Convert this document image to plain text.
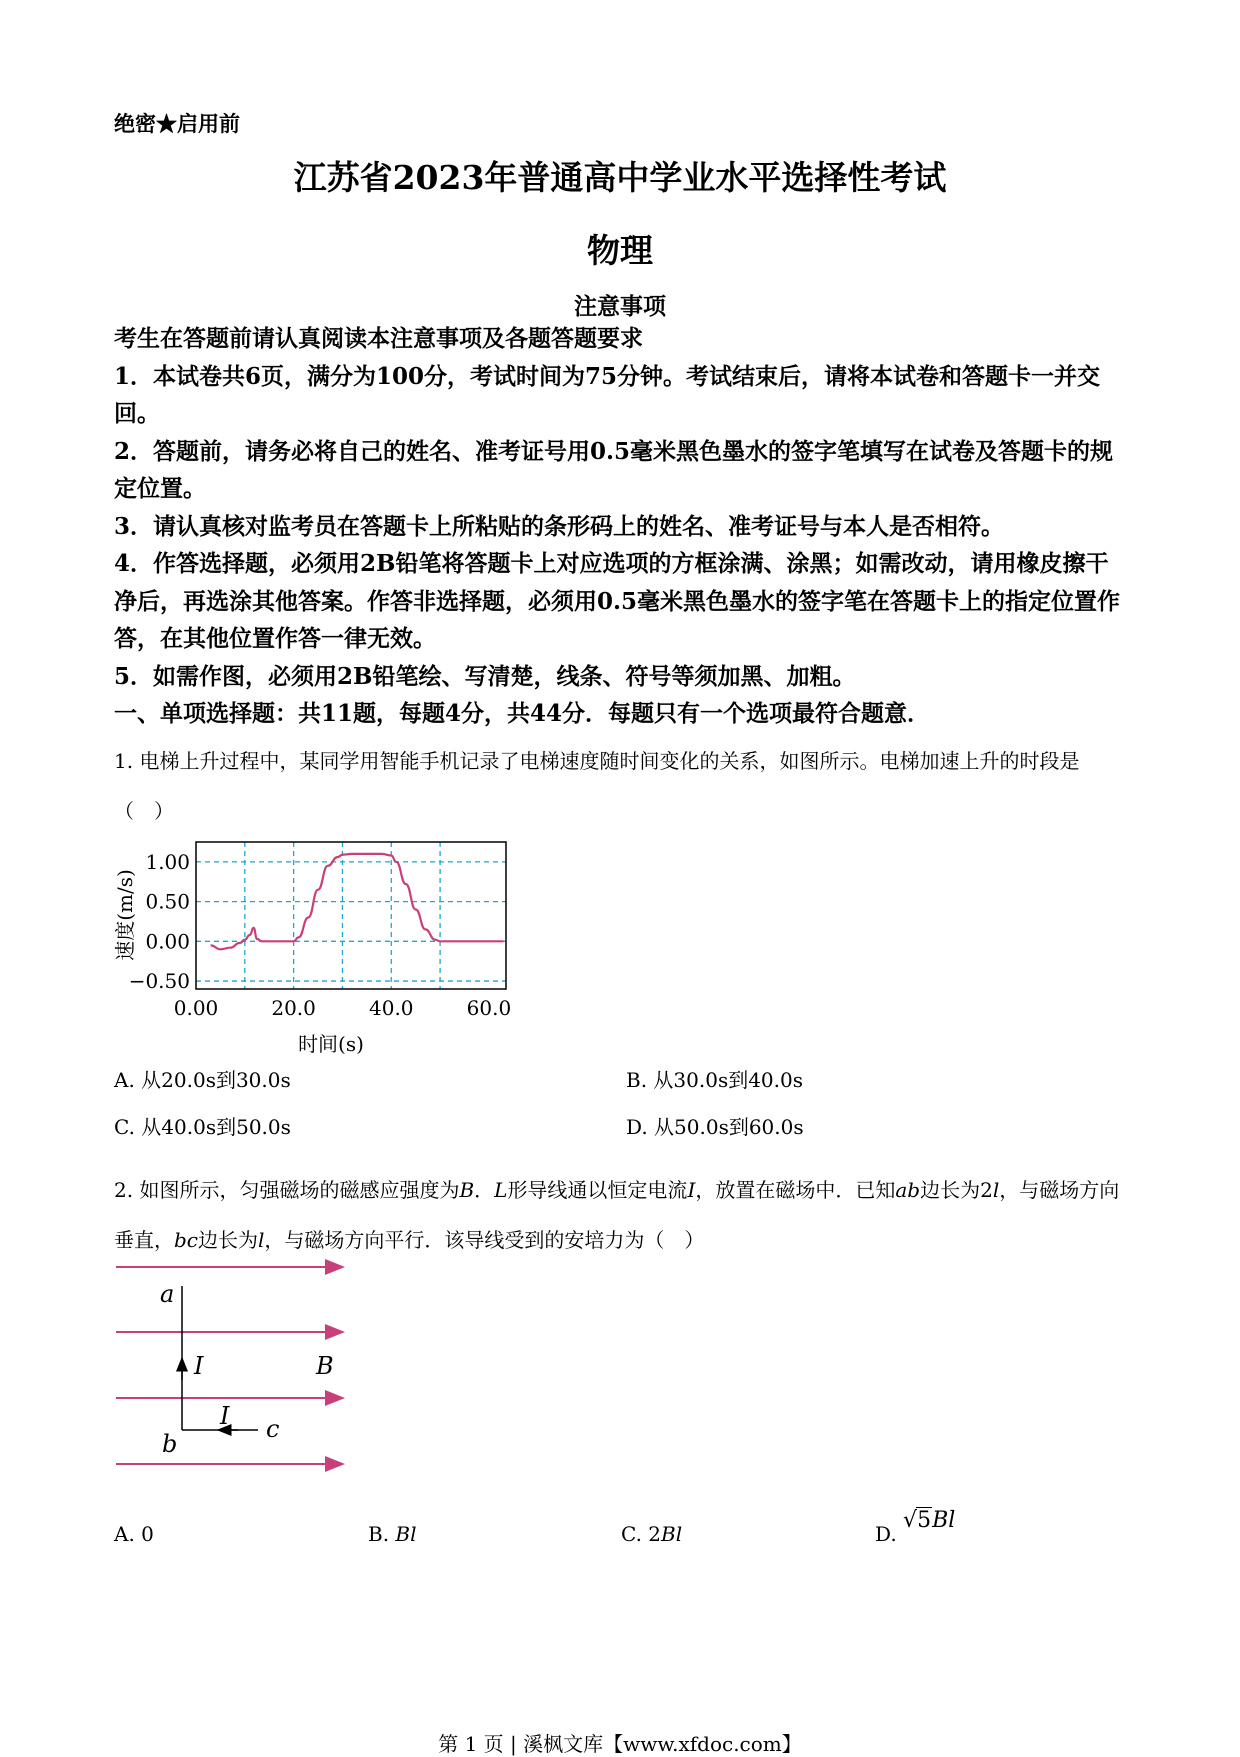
绝密★启用前
江苏省2023年普通高中学业水平选择性考试
物理
注意事项

考生在答题前请认真阅读本注意事项及各题答题要求

1．本试卷共6页，满分为100分，考试时间为75分钟。考试结束后，请将本试卷和答题卡一并交回。

2．答题前，请务必将自己的姓名、准考证号用0.5毫米黑色墨水的签字笔填写在试卷及答题卡的规定位置。

3．请认真核对监考员在答题卡上所粘贴的条形码上的姓名、准考证号与本人是否相符。

4．作答选择题，必须用2B铅笔将答题卡上对应选项的方框涂满、涂黑；如需改动，请用橡皮擦干净后，再选涂其他答案。作答非选择题，必须用0.5毫米黑色墨水的签字笔在答题卡上的指定位置作答，在其他位置作答一律无效。

5．如需作图，必须用2B铅笔绘、写清楚，线条、符号等须加黑、加粗。

一、单项选择题：共11题，每题4分，共44分．每题只有一个选项最符合题意．

1. 电梯上升过程中，某同学用智能手机记录了电梯速度随时间变化的关系，如图所示。电梯加速上升的时段是（　）
1.00
0.50
0.00
−0.50
0.00	20.0	40.0	60.0
速度(m/s)
时间(s)
A. 从20.0s到30.0s	B. 从30.0s到40.0s
C. 从40.0s到50.0s	D. 从50.0s到60.0s
2. 如图所示，匀强磁场的磁感应强度为B．L形导线通以恒定电流I，放置在磁场中．已知ab边长为2l，与磁场方向垂直，bc边长为l，与磁场方向平行．该导线受到的安培力为（　）
a
b
c
I
I
B
A. 0	B. Bl	C. 2Bl	D. √5Bl
第 1 页 | 溪枫文库【www.xfdoc.com】
